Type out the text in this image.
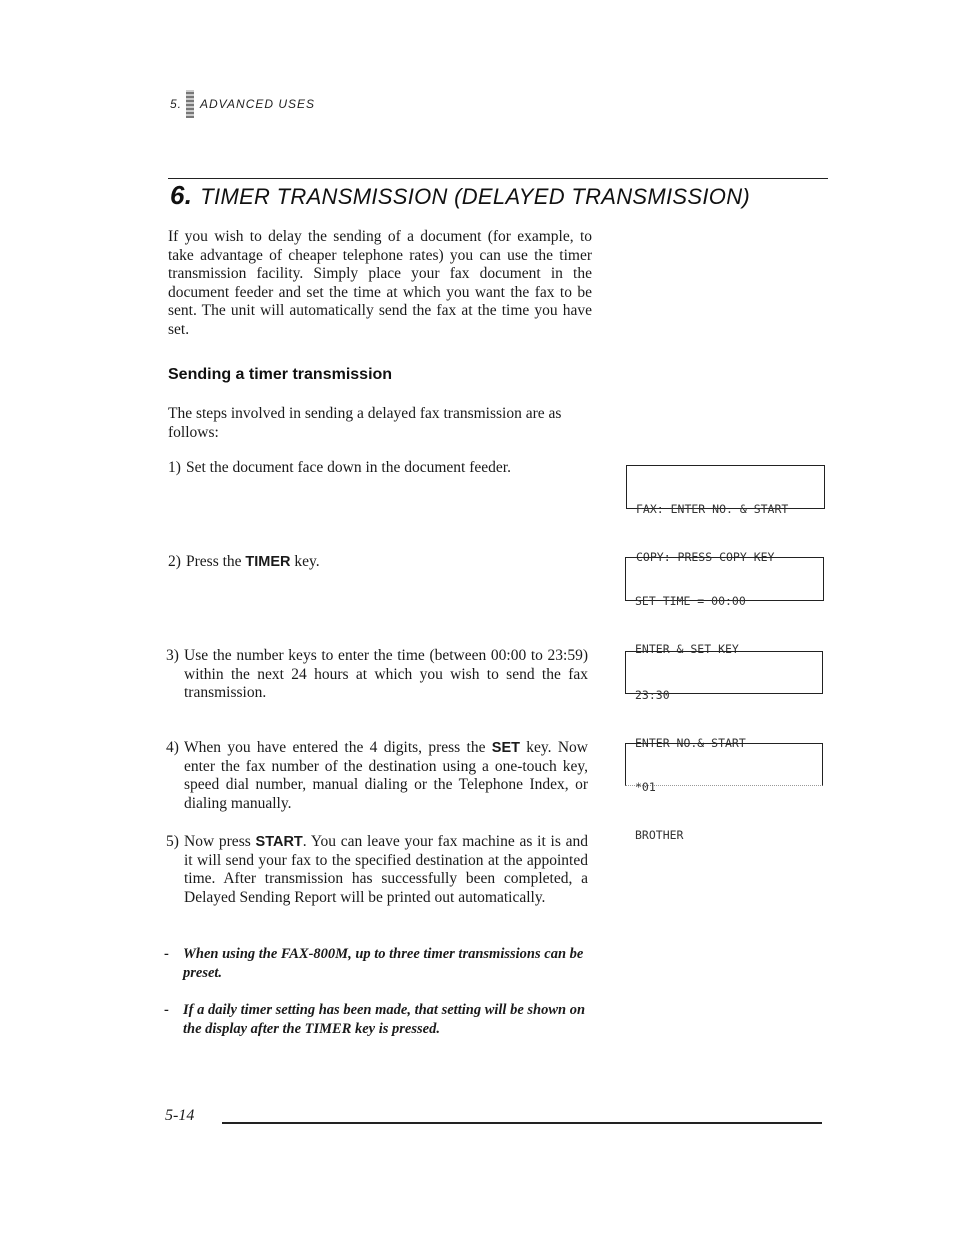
5. ADVANCED USES
6. TIMER TRANSMISSION (DELAYED TRANSMISSION)

If you wish to delay the sending of a document (for example, to take advantage of cheaper telephone rates) you can use the timer transmission facility. Simply place your fax document in the document feeder and set the time at which you want the fax to be sent. The unit will automatically send the fax at the time you have set.

Sending a timer transmission

The steps involved in sending a delayed fax transmission are as follows:

1) Set the document face down in the document feeder.
2) Press the TIMER key.
3) Use the number keys to enter the time (between 00:00 to 23:59) within the next 24 hours at which you wish to send the fax transmission.
4) When you have entered the 4 digits, press the SET key. Now enter the fax number of the destination using a one-touch key, speed dial number, manual dialing or the Telephone Index, or dialing manually.
5) Now press START. You can leave your fax machine as it is and it will send your fax to the specified destination at the appointed time. After transmission has successfully been completed, a Delayed Sending Report will be printed out automatically.

FAX: ENTER NO. & START

COPY: PRESS COPY KEY

SET TIME = 00:00

ENTER & SET KEY

23:30

ENTER NO.& START

*01

BROTHER

- When using the FAX-800M, up to three timer transmissions can be preset.
- If a daily timer setting has been made, that setting will be shown on the display after the TIMER key is pressed.
5-14
